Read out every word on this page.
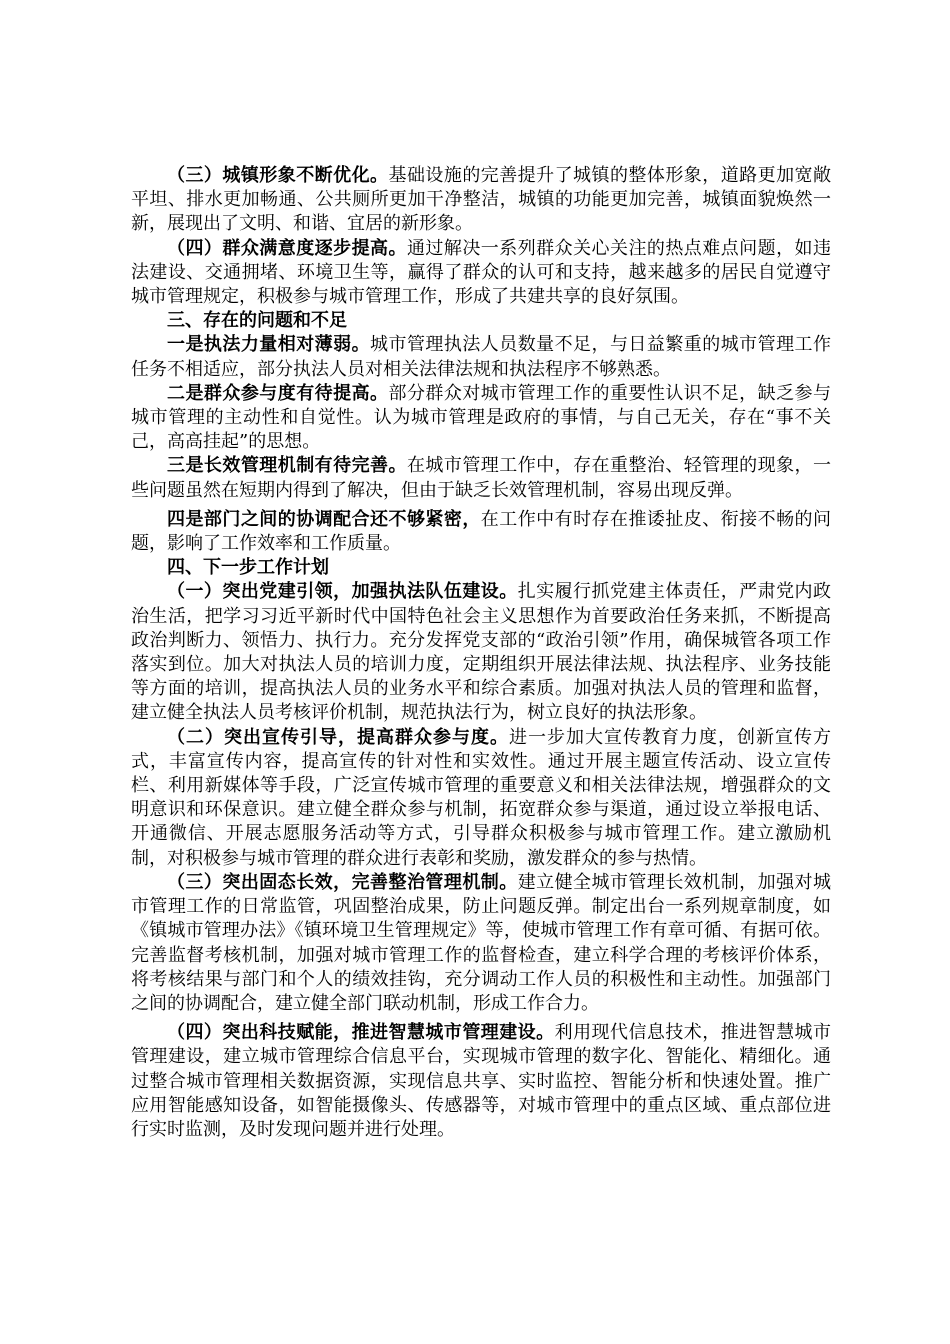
（三）城镇形象不断优化。基础设施的完善提升了城镇的整体形象，道路更加宽敞平坦、排水更加畅通、公共厕所更加干净整洁，城镇的功能更加完善，城镇面貌焕然一新，展现出了文明、和谐、宜居的新形象。

（四）群众满意度逐步提高。通过解决一系列群众关心关注的热点难点问题，如违法建设、交通拥堵、环境卫生等，赢得了群众的认可和支持，越来越多的居民自觉遵守城市管理规定，积极参与城市管理工作，形成了共建共享的良好氛围。

三、存在的问题和不足

一是执法力量相对薄弱。城市管理执法人员数量不足，与日益繁重的城市管理工作任务不相适应，部分执法人员对相关法律法规和执法程序不够熟悉。

二是群众参与度有待提高。部分群众对城市管理工作的重要性认识不足，缺乏参与城市管理的主动性和自觉性。认为城市管理是政府的事情，与自己无关，存在“事不关己，高高挂起”的思想。

三是长效管理机制有待完善。在城市管理工作中，存在重整治、轻管理的现象，一些问题虽然在短期内得到了解决，但由于缺乏长效管理机制，容易出现反弹。

四是部门之间的协调配合还不够紧密，在工作中有时存在推诿扯皮、衔接不畅的问题，影响了工作效率和工作质量。

四、下一步工作计划

（一）突出党建引领，加强执法队伍建设。扎实履行抓党建主体责任，严肃党内政治生活，把学习习近平新时代中国特色社会主义思想作为首要政治任务来抓，不断提高政治判断力、领悟力、执行力。充分发挥党支部的“政治引领”作用，确保城管各项工作落实到位。加大对执法人员的培训力度，定期组织开展法律法规、执法程序、业务技能等方面的培训，提高执法人员的业务水平和综合素质。加强对执法人员的管理和监督，建立健全执法人员考核评价机制，规范执法行为，树立良好的执法形象。

（二）突出宣传引导，提高群众参与度。进一步加大宣传教育力度，创新宣传方式，丰富宣传内容，提高宣传的针对性和实效性。通过开展主题宣传活动、设立宣传栏、利用新媒体等手段，广泛宣传城市管理的重要意义和相关法律法规，增强群众的文明意识和环保意识。建立健全群众参与机制，拓宽群众参与渠道，通过设立举报电话、开通微信、开展志愿服务活动等方式，引导群众积极参与城市管理工作。建立激励机制，对积极参与城市管理的群众进行表彰和奖励，激发群众的参与热情。

（三）突出固态长效，完善整治管理机制。建立健全城市管理长效机制，加强对城市管理工作的日常监管，巩固整治成果，防止问题反弹。制定出台一系列规章制度，如《镇城市管理办法》《镇环境卫生管理规定》等，使城市管理工作有章可循、有据可依。完善监督考核机制，加强对城市管理工作的监督检查，建立科学合理的考核评价体系，将考核结果与部门和个人的绩效挂钩，充分调动工作人员的积极性和主动性。加强部门之间的协调配合，建立健全部门联动机制，形成工作合力。

（四）突出科技赋能，推进智慧城市管理建设。利用现代信息技术，推进智慧城市管理建设，建立城市管理综合信息平台，实现城市管理的数字化、智能化、精细化。通过整合城市管理相关数据资源，实现信息共享、实时监控、智能分析和快速处置。推广应用智能感知设备，如智能摄像头、传感器等，对城市管理中的重点区域、重点部位进行实时监测，及时发现问题并进行处理。
